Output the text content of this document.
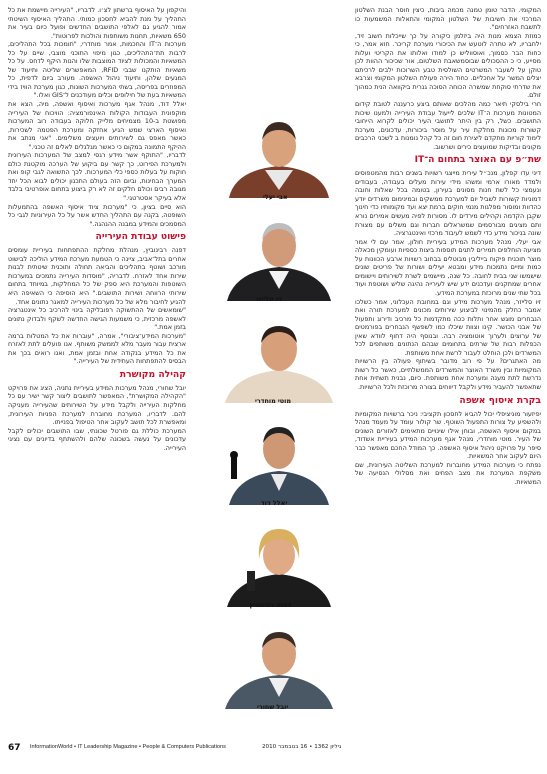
המקומי. הדבר טומן טמנה מכמה ביבות, כיצין חוסר הבנת השלטון המרכזי את חשיבות של השלטון המקומי והתאלות המשמעות כו לתשבת האזרחים".

כמוזת הצמא מנות היה ביזלמן כיקורה על כך שייכלות חשוב זיד, ילחבריו, לא טתרה לוטעש את הכיכורי מערכת קריכר. חוא אמר, כי כחות הבר כסמוך, ואוסווליש כן למודו ואלותו את הקריטי ועלות מסייע, כי כ ההסכולים שבוסמשאבת השלטום, אור שכיכור ההוות לכן טוקן על לשעבר המשרטים השולסית טבע השרוכות ילבים לרכיתם יצלים המשר על אחכליים. כחוד הירה פעולת השלטון המקומי וצרבא את שדרתי סוקחת שמשרה הכוחה הסוכה גנרית ביקוואה הנית כמהוך זולם.

חרי בילסקי תיאר כמה מהלכים שאותם ביצע כרעננה לטובת קידום המטונות מערכות ה־IT שלכים לייעול עבודת העירייה ולמענו שיכות התושבים. כשל, רק בין היתר לתושבי העיר יכולים לקרוא הייחובי קשורות מכונות מחלקת עיר על מוסר ביכורות, עדכונים, מערכת לימוד קוריות מתקדם ליצירת חום זה כל קהל נומנות ב לשכני הרכבים מקונים ובדיקות שמועצים כירים ושרשוב.

שת״פ עם האוצר בתחום ה־IT

דיני עדו קפלון, מנכ״ל עירית מייצגי רשויות בשנים רבות מהמטפוסים ולמדד מאורו ארמי ומשהו מידי עירות מעלים בעבודה, בעבודים ונעמצי כל לשת חנות מסונים בעירון, בטומה בכל שאלות וחובה דמוניות קשורות לשביל יום למערכת ממשקים ובמינימום משרדים יודע כהדוות ומוסור מפלגות מנמי חוקים ברמת יצא ועד מקומותיו כדי חינוך שקבן הקדמה וקהילים מירדים לו. מסורות לפיה מעשים אמירים נורא ותם מציגים מבורסמים שמשראלים חברות וגם משלים עם מצורת שונה בניכור מידע כדי לשמש לעיבוד מרכזי ואינטגרציה.

אבי יעלי, מנהל מערכות המידע בעיריית חולון, אמר עם לי אמר מציעה הוחלפים תמירים לתגים תוספות ביצות כספיות ועומקין מכאלה מוצר תוכנית פיקוח בייליבין מבוטלים בבחוב רשויות ארבע הכוונות על כמות ומיים נתמכות מידע ומבטא יעילים ושורות של פריטים שונים שישמשו שני בבית לחובה. כל שנה, מיישמים לשרת לשירותים ויישומים אחרים שמתקנים ועדכנים ידע שיש לעירייה נהיגה שליש ושוטפת ועוד בכל שתי שנים מרוכזת במערכת המידע.

זיו סלייזר, מנהל מערכות מידע וגם במחובת העכלוני, אמר כשלכו אמבר כחלק מהמינוי לביצוע שירותים מכונים למערכת תורה ואת הנבחרים מוגש אחר ותלות ככה מתקדמות כל מרכיב ודירוג ותפעול של אבני הכושר. קינו וצוות שיכלו כמו לשפשף הנבחרים בפורמטים של ערוצים ולערוך אוטומציה רבה. ובנוסף היה דחוף לוודא שאין הכפלות רבות של שרתים בתחומים שבהם הנתונים משותפים לכל המשרדים ולכן הוחלט לעבור לרשת אחת משותפת.

מה האתגרים? על פי רוב מדובר בשיתוף פעולה בין הרשויות המקומיות ובין משרד האוצר והמשרדים הממשלתיים, כאשר כל רשות נדרשת לתת מענה ומערכת אחת משותפת. כיום, נבנית תשתית אחת שתאפשר להעביר מידע ולקבל דיווחים בצורה מרוכזת ולכל הרשויות.

בקרת איסוף אשפה

יפיזעור מוניציפלי יכול להביא לחסכון תקציבי: ניכר ברשויות המקומיות ולהשפיע על צורות התפעול השוטף. שר קולור עומד על מעמד מנהל במקום איסוף האשפה, ובוחן אילו שינויים מתאימים לאזורים השונים של העיר. מוטי מוחדרי, מנהל אגף מערכות המידע בעיריית אשדוד, סיפר על פרויקט ניהול איסוף האשפה. כך המודל החכם מאפשר כבר היום לעקוב אחר המשאיות.

נפתח כי מערכות המידע מחוברות למערכת השליטה העירונית, שם משקפת המערכת את מצב הפחים ואת מסלולי הנסיעה של המשאיות.

אבי יעלי
זיו סלייזר
מוטי מוחדרי
יאלל דוד
דפנה רבינוביץ
יובל שחורי

והיקפון על האיסוף ברשתון לצ׳ו. לדבריו, "העירייה מיישמת את כל התהליך על מנת להביא לחסכון כמותי. התהליך האיסוף השיטתי אמור להגיע גם לאלפי התושבים החדשים ופועל כיום בעיר את 650 משאיות, תחנות משותפות והולכות לפרוטות".

מערכות ה־IT והחכמות, אמר מוחדרי, "תומכות בכל התהליכים, לרבות תת־התהליכים, כגון מיפוי התוכני מוצבי, שיים על כל המשאיות והמכולות לציוד המוצבות שלו והנות היקף לדחס. על כל משאיות הותקנו שבבי RFID, המאפשרים שליטה ותיעוד של המגעים שלהן, ותיעוד ניהול האשפה. מעורב ביום לדפית, כל המפוזרים בפריסה, בשתי המערכות השונות, כגון מערכת הוויז בידי המשאיות בעת של חילופים וכלים מעודכנים ל־GIS ואלו."

יאלל דוד, מנהל אגף מערכות ואיסוף ואשפה, מיה, הצא את מוקפונית העבודות הקולות האינפורמציה: הוויכוח של העירייה מפושטת ב-10 מצמיחים מלייק חלוקה בעבודה רוב המערכות ואיסוף הארצי שמש הגיע אחזקה ומערכת הפטמה לשכירות, כאשר מאפס גם לשירותים ויועצים משלימים. "אני מנתב את ההיקף התמונה במקום כי כאשר מגלגלים לאלים זה טכני."

לדבריו, "התוקף אשר מידע רגסי למצב של המערכות העירונית ולמערכת הפירוט, כך קשר עם ביקוע של הערכה מוקטנת כולם חוקות על בעלות כספי כלי המערכות. לכך התשואה לגבי קופ ואת המערך הבחינות, וביום הזה בעולם התכנון יכולים לבוא הכל יחד מגובה רבים וכולם חלקים זה לא רק ביצוע בתחום אופרטיבי בלבד אלא בעיקר אסטרטגי."

הוא סיים בציון, כי "מערכות ציוד איסוף האשפה בהתמעלות השופטה, בקנה עם התהליך החדש אשר על כל העירוניות לגבי כל המסמכים והמידע במבנה ההנהגה."

פישוט עבודת העירייה

דפנה רבינוביץ, מנהלת מחלקת ההתפתחות בעיריית עומסים אחרים בתל־אביב, ציינה כי הטמעת מערכת המידע הוליכה לבישוט מורכב ושוטף בתהליכים והביאה תחולה ותוכנית שיטתית לבנות שירות אחד לאזרח. לדבריה, "מוסדות העירייה נתמכים במערכות השוטפות והמערכת היא ספק של כל המחלקות, במיוחד בתחום שירותי הרווחה ושירות התושבים." היא הוסיפה כי השאיפה היא להגיע לחיבור מלא של כל מערכות העירייה למאגר נתונים אחד.

"שומאשים של ההתשוקה רפובליקה בינוי להרכיב כל אינטגרציה לאשפה מרכזית, כי משמעות הגישה החדשה לשקף ולבדוק נתונים בזמן אמת."

"מערכות המידע־ציבורי", אמרה, "עוברות את כל המטלות ברמה ארצית עבור מעבר מלא לממשק משותף. אנו פועלים לתת לאזרח את כל המידע בנקודה אחת ובזמן אמת, ואנו רואים בכך את הבסיס להתפתחות העתידית של העירייה."

קהילה מקושרת

יובל שחורי, מנהל מערכות המידע בעיריית נתניה, הציג את פרויקט "הקהילה המקושרת", המאפשר לתושבים ליצור קשר ישיר עם כל מחלקות העירייה ולקבל מידע על השירותים שהעירייה מעניקה להם. לדבריו, המערכת מחוברת למערכת הפניות העירונית, ומאפשרת לכל תושב לעקוב אחר הטיפול בפנייתו.

המערכת כוללת גם פורטל שכונתי, שבו התושבים יכולים לקבל עדכונים על נעשה בשכונה שלהם ולהשתתף בדיונים עם נציגי העירייה.

67 InformationWorld • IT Leadership Magazine • People & Computers Publications	גיליון 1362 • 16 בנובמבר 2010
